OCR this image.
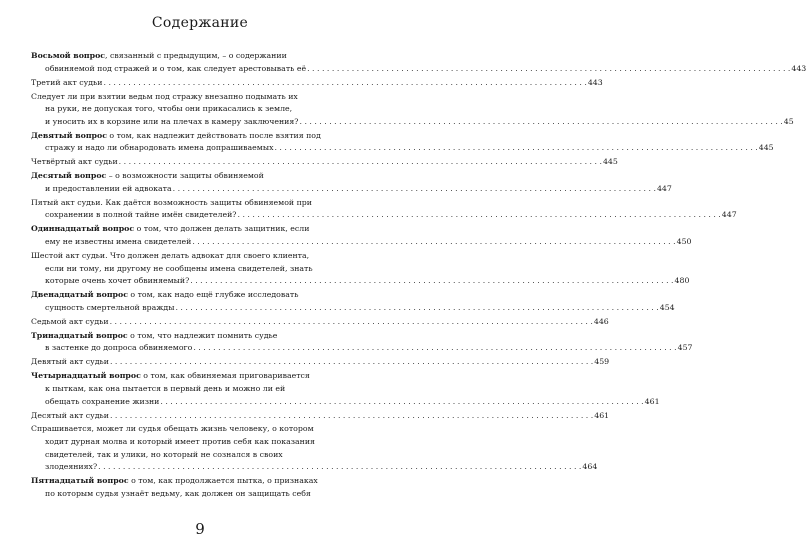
Содержание
Восьмой вопрос, связанный с предыдущим, – о содержании
обвиняемой под стражей и о том, как следует арестовывать её . . .	443
Третий акт судьи . . .	443
Следует ли при взятии ведьм под стражу внезапно подымать их
на руки, не допуская того, чтобы они прикасались к земле,
и уносить их в корзине или на плечах в камеру заключения? . . .	45
Девятый вопрос о том, как надлежит действовать после взятия под
стражу и надо ли обнародовать имена допрашиваемых . . .	445
Четвёртый акт судьи . . .	445
Десятый вопрос – о возможности защиты обвиняемой
и предоставлении ей адвоката . . .	447
Пятый акт судьи. Как даётся возможность защиты обвиняемой при
сохранении в полной тайне имён свидетелей? . . .	447
Одиннадцатый вопрос о том, что должен делать защитник, если
ему не известны имена свидетелей . . .	450
Шестой акт судьи. Что должен делать адвокат для своего клиента,
если ни тому, ни другому не сообщены имена свидетелей, знать
которые очень хочет обвиняемый? . . .	480
Двенадцатый вопрос о том, как надо ещё глубже исследовать
сущность смертельной вражды . . .	454
Седьмой акт судьи . . .	446
Тринадцатый вопрос о том, что надлежит помнить судье
в застенке до допроса обвиняемого . . .	457
Девятый акт судьи . . .	459
Четырнадцатый вопрос о том, как обвиняемая приговаривается
к пыткам, как она пытается в первый день и можно ли ей
обещать сохранение жизни . . .	461
Десятый акт судьи . . .	461
Спрашивается, может ли судья обещать жизнь человеку, о котором
ходит дурная молва и который имеет против себя как показания
свидетелей, так и улики, но который не сознался в своих
злодеяниях? . . .	464
Пятнадцатый вопрос о том, как продолжается пытка, о признаках
по которым судья узнаёт ведьму, как должен он защищать себя
9
